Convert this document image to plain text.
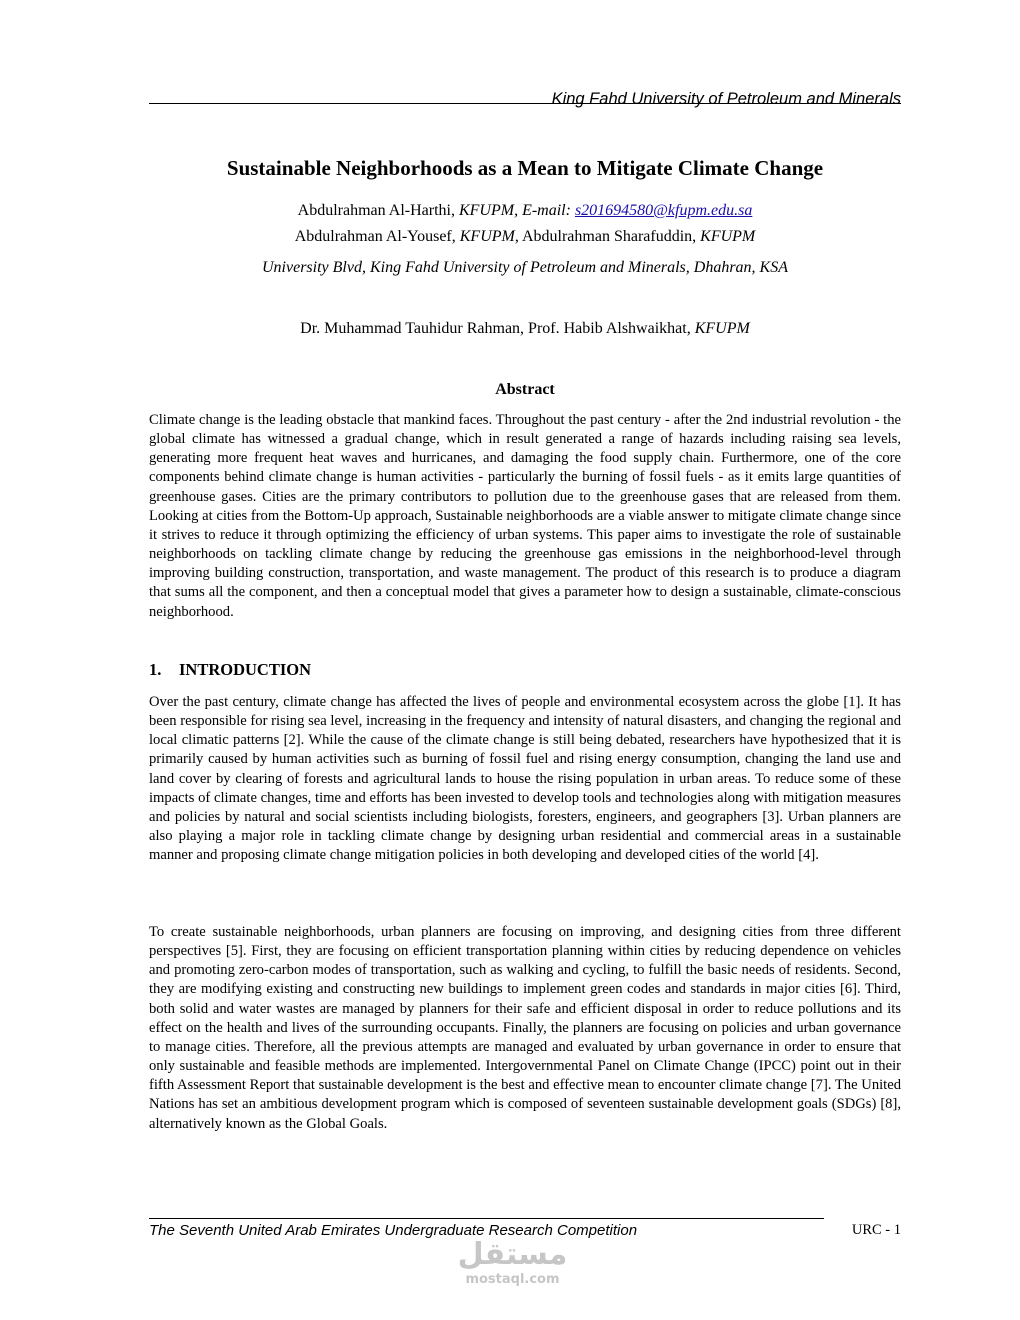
King Fahd University of Petroleum and Minerals
Sustainable Neighborhoods as a Mean to Mitigate Climate Change
Abdulrahman Al-Harthi, KFUPM, E-mail: s201694580@kfupm.edu.sa
Abdulrahman Al-Yousef, KFUPM, Abdulrahman Sharafuddin, KFUPM
University Blvd, King Fahd University of Petroleum and Minerals, Dhahran, KSA
Dr. Muhammad Tauhidur Rahman, Prof. Habib Alshwaikhat, KFUPM
Abstract

Climate change is the leading obstacle that mankind faces. Throughout the past century - after the 2nd industrial revolution - the global climate has witnessed a gradual change, which in result generated a range of hazards including raising sea levels, generating more frequent heat waves and hurricanes, and damaging the food supply chain. Furthermore, one of the core components behind climate change is human activities - particularly the burning of fossil fuels - as it emits large quantities of greenhouse gases. Cities are the primary contributors to pollution due to the greenhouse gases that are released from them. Looking at cities from the Bottom-Up approach, Sustainable neighborhoods are a viable answer to mitigate climate change since it strives to reduce it through optimizing the efficiency of urban systems. This paper aims to investigate the role of sustainable neighborhoods on tackling climate change by reducing the greenhouse gas emissions in the neighborhood-level through improving building construction, transportation, and waste management. The product of this research is to produce a diagram that sums all the component, and then a conceptual model that gives a parameter how to design a sustainable, climate-conscious neighborhood.

1. INTRODUCTION

Over the past century, climate change has affected the lives of people and environmental ecosystem across the globe [1]. It has been responsible for rising sea level, increasing in the frequency and intensity of natural disasters, and changing the regional and local climatic patterns [2]. While the cause of the climate change is still being debated, researchers have hypothesized that it is primarily caused by human activities such as burning of fossil fuel and rising energy consumption, changing the land use and land cover by clearing of forests and agricultural lands to house the rising population in urban areas. To reduce some of these impacts of climate changes, time and efforts has been invested to develop tools and technologies along with mitigation measures and policies by natural and social scientists including biologists, foresters, engineers, and geographers [3]. Urban planners are also playing a major role in tackling climate change by designing urban residential and commercial areas in a sustainable manner and proposing climate change mitigation policies in both developing and developed cities of the world [4].

To create sustainable neighborhoods, urban planners are focusing on improving, and designing cities from three different perspectives [5]. First, they are focusing on efficient transportation planning within cities by reducing dependence on vehicles and promoting zero-carbon modes of transportation, such as walking and cycling, to fulfill the basic needs of residents. Second, they are modifying existing and constructing new buildings to implement green codes and standards in major cities [6]. Third, both solid and water wastes are managed by planners for their safe and efficient disposal in order to reduce pollutions and its effect on the health and lives of the surrounding occupants. Finally, the planners are focusing on policies and urban governance to manage cities. Therefore, all the previous attempts are managed and evaluated by urban governance in order to ensure that only sustainable and feasible methods are implemented. Intergovernmental Panel on Climate Change (IPCC) point out in their fifth Assessment Report that sustainable development is the best and effective mean to encounter climate change [7]. The United Nations has set an ambitious development program which is composed of seventeen sustainable development goals (SDGs) [8], alternatively known as the Global Goals.

The Seventh United Arab Emirates Undergraduate Research Competition	URC - 1
مستقل
mostaql.com
